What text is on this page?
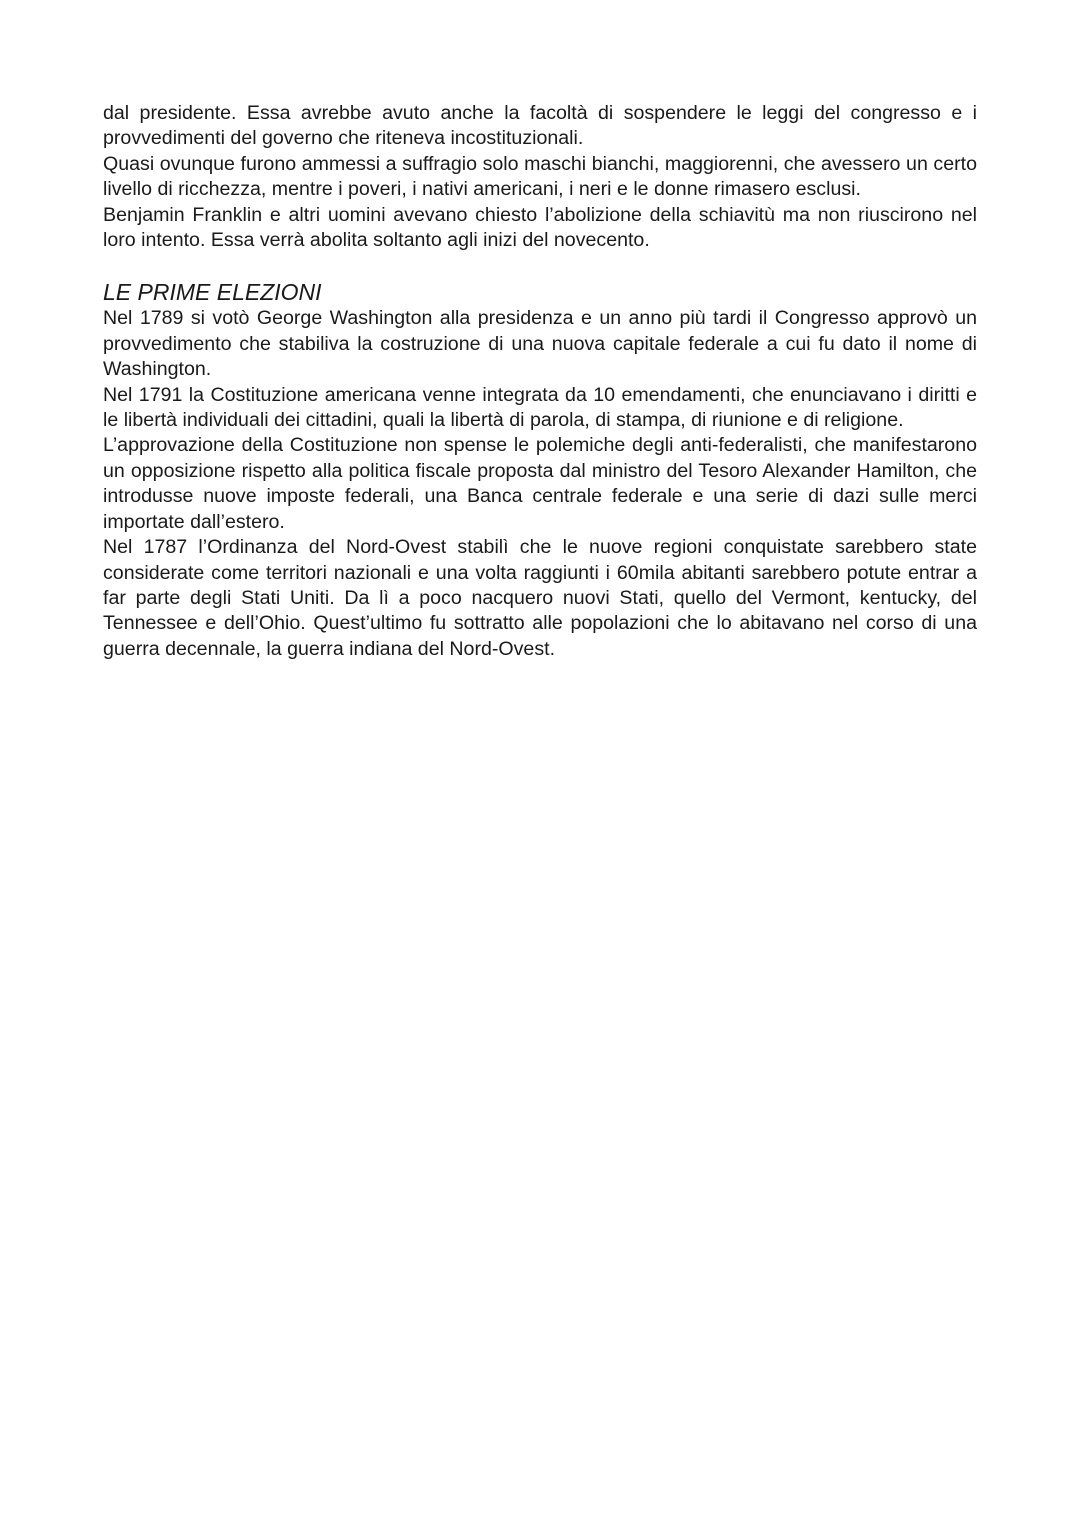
dal presidente. Essa avrebbe avuto anche la facoltà di sospendere le leggi del congresso e i provvedimenti del governo che riteneva incostituzionali.

Quasi ovunque furono ammessi a suffragio solo maschi bianchi, maggiorenni, che avessero un certo livello di ricchezza, mentre i poveri, i nativi americani, i neri e le donne rimasero esclusi.

Benjamin Franklin e altri uomini avevano chiesto l’abolizione della schiavitù ma non riuscirono nel loro intento. Essa verrà abolita soltanto agli inizi del novecento.

LE PRIME ELEZIONI

Nel 1789 si votò George Washington alla presidenza e un anno più tardi il Congresso approvò un provvedimento che stabiliva la costruzione di una nuova capitale federale a cui fu dato il nome di Washington.

Nel 1791 la Costituzione americana venne integrata da 10 emendamenti, che enunciavano i diritti e le libertà individuali dei cittadini, quali la libertà di parola, di stampa, di riunione e di religione.

L’approvazione della Costituzione non spense le polemiche degli anti-federalisti, che manifestarono un opposizione rispetto alla politica fiscale proposta dal ministro del Tesoro Alexander Hamilton, che introdusse nuove imposte federali, una Banca centrale federale e una serie di dazi sulle merci importate dall’estero.

Nel 1787 l’Ordinanza del Nord-Ovest stabilì che le nuove regioni conquistate sarebbero state considerate come territori nazionali e una volta raggiunti i 60mila abitanti sarebbero potute entrar a far parte degli Stati Uniti. Da lì a poco nacquero nuovi Stati, quello del Vermont, kentucky, del Tennessee e dell’Ohio. Quest’ultimo fu sottratto alle popolazioni che lo abitavano nel corso di una guerra decennale, la guerra indiana del Nord-Ovest.
